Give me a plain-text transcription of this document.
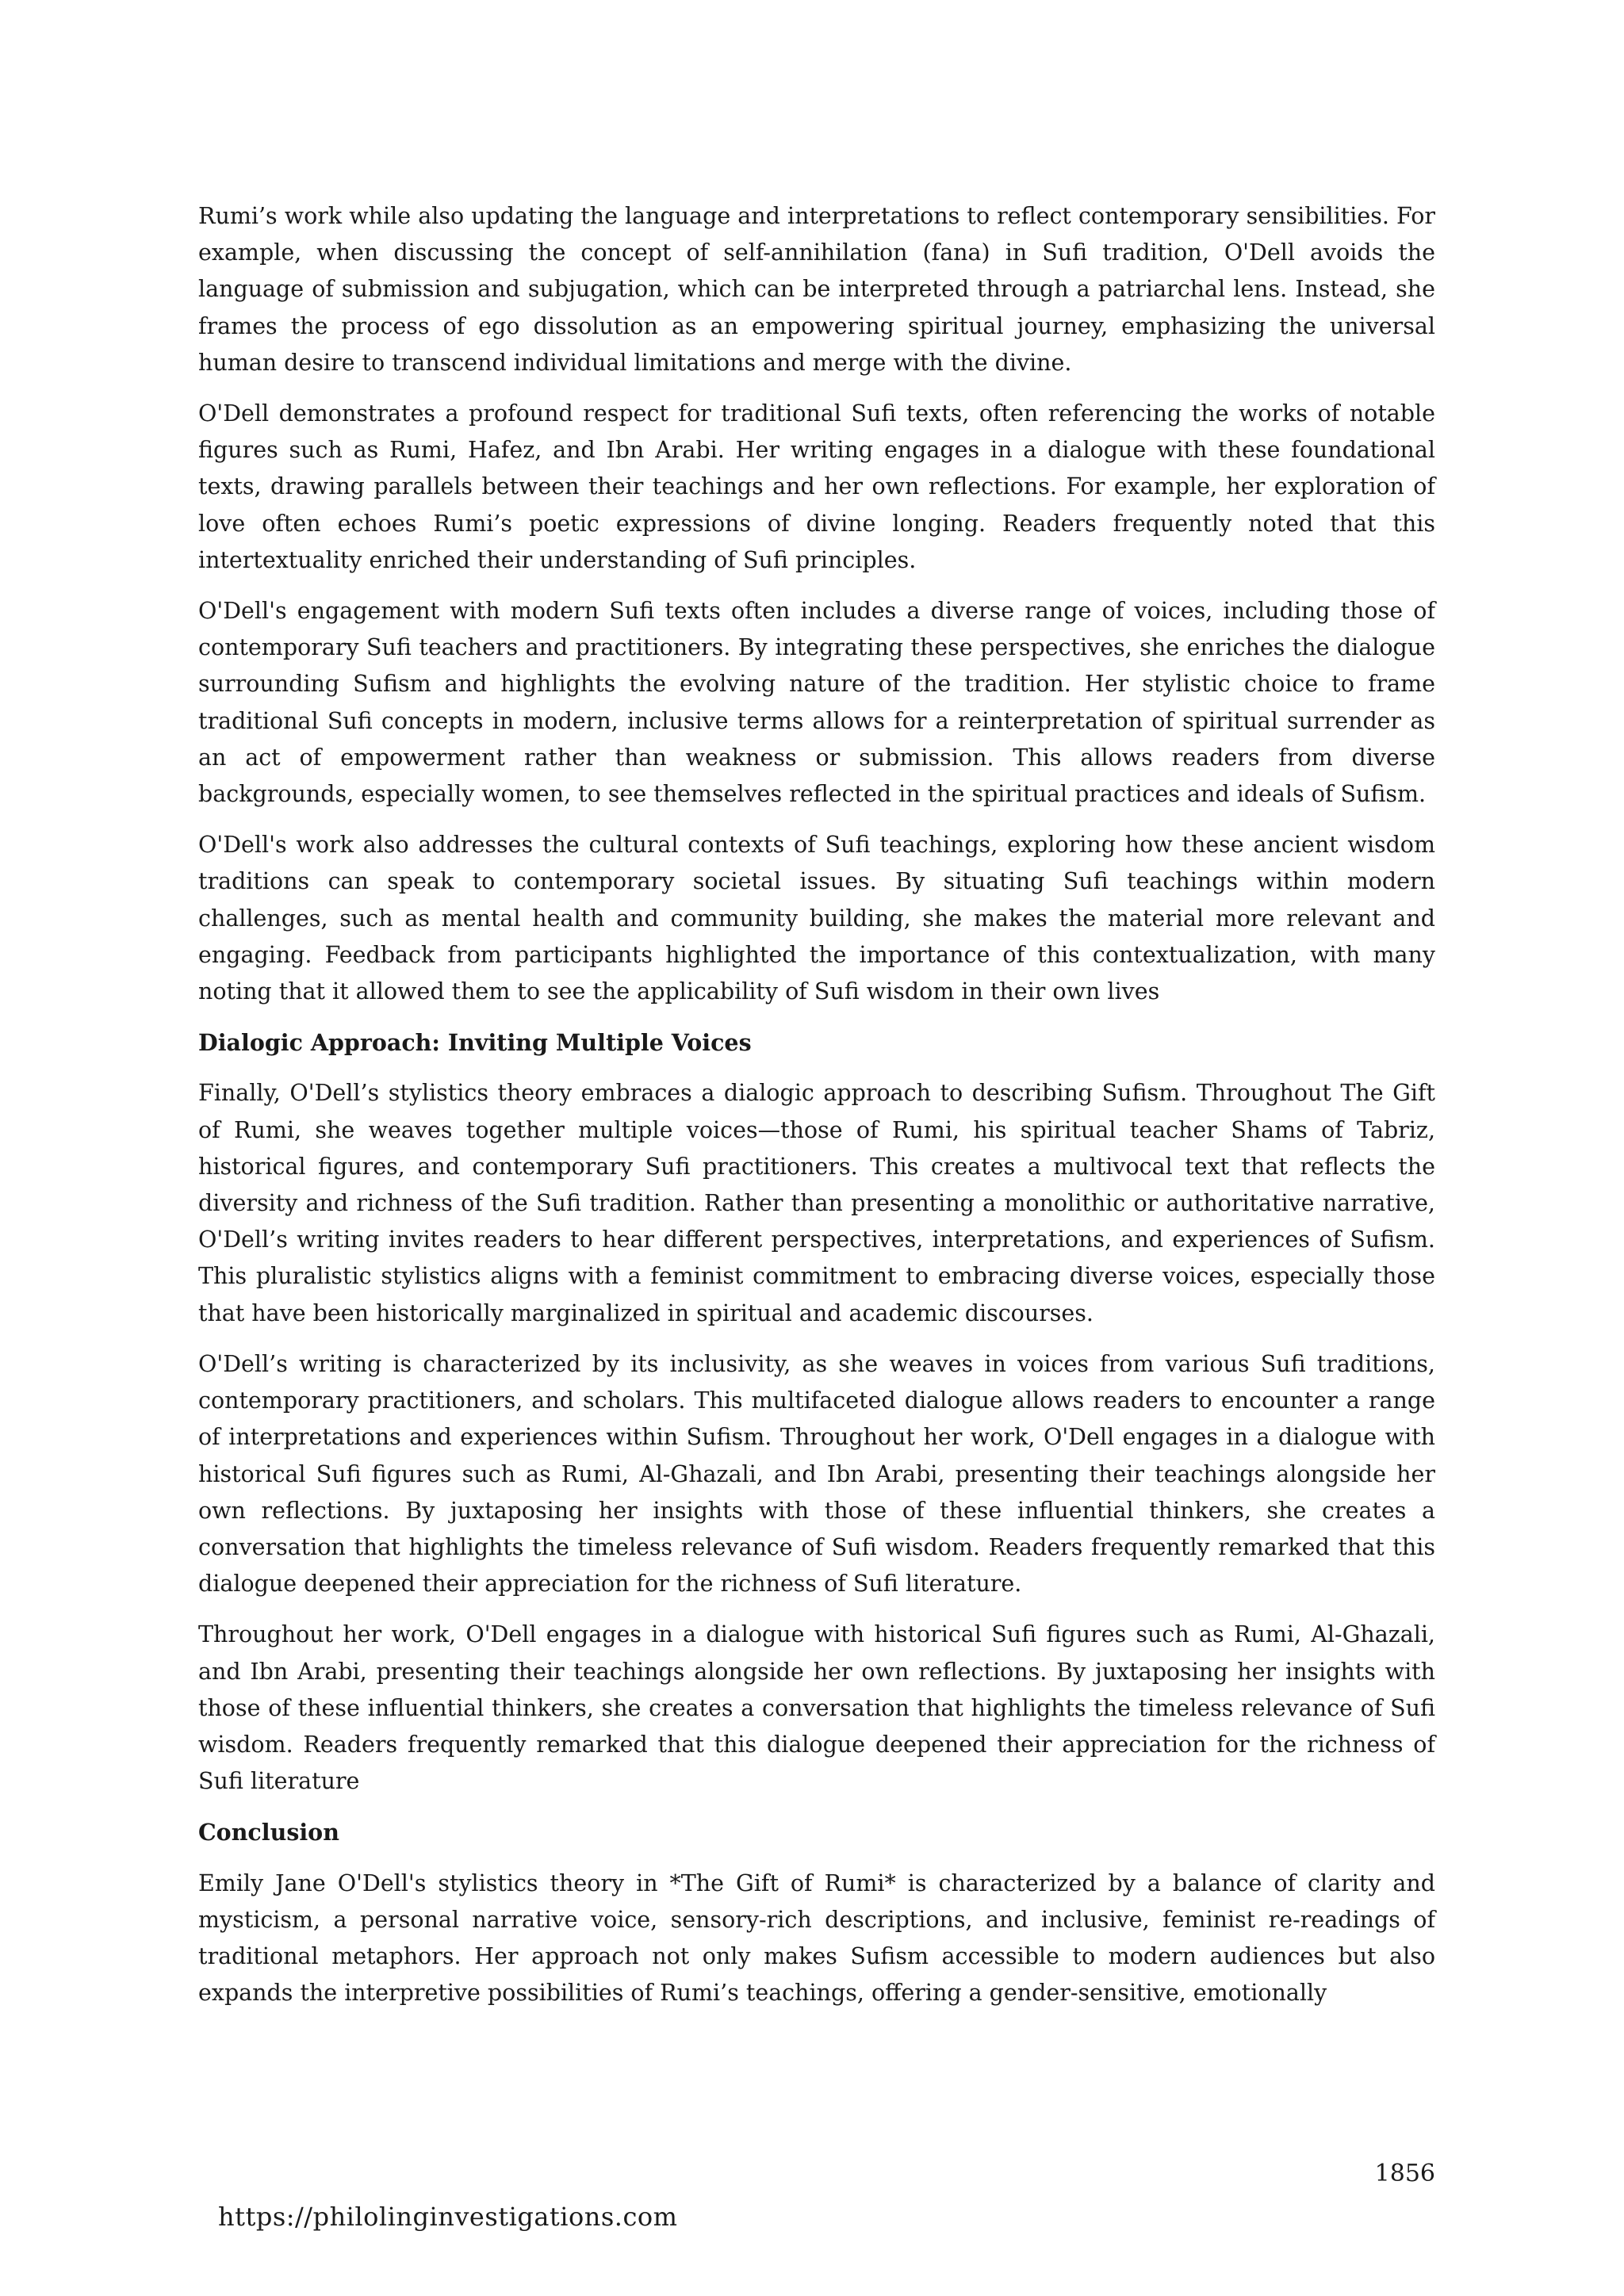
Rumi’s work while also updating the language and interpretations to reflect contemporary sensibilities. For example, when discussing the concept of self-annihilation (fana) in Sufi tradition, O'Dell avoids the language of submission and subjugation, which can be interpreted through a patriarchal lens. Instead, she frames the process of ego dissolution as an empowering spiritual journey, emphasizing the universal human desire to transcend individual limitations and merge with the divine.

O'Dell demonstrates a profound respect for traditional Sufi texts, often referencing the works of notable figures such as Rumi, Hafez, and Ibn Arabi. Her writing engages in a dialogue with these foundational texts, drawing parallels between their teachings and her own reflections. For example, her exploration of love often echoes Rumi’s poetic expressions of divine longing. Readers frequently noted that this intertextuality enriched their understanding of Sufi principles.

O'Dell's engagement with modern Sufi texts often includes a diverse range of voices, including those of contemporary Sufi teachers and practitioners. By integrating these perspectives, she enriches the dialogue surrounding Sufism and highlights the evolving nature of the tradition. Her stylistic choice to frame traditional Sufi concepts in modern, inclusive terms allows for a reinterpretation of spiritual surrender as an act of empowerment rather than weakness or submission. This allows readers from diverse backgrounds, especially women, to see themselves reflected in the spiritual practices and ideals of Sufism.

O'Dell's work also addresses the cultural contexts of Sufi teachings, exploring how these ancient wisdom traditions can speak to contemporary societal issues. By situating Sufi teachings within modern challenges, such as mental health and community building, she makes the material more relevant and engaging. Feedback from participants highlighted the importance of this contextualization, with many noting that it allowed them to see the applicability of Sufi wisdom in their own lives

Dialogic Approach: Inviting Multiple Voices

Finally, O'Dell’s stylistics theory embraces a dialogic approach to describing Sufism. Throughout The Gift of Rumi, she weaves together multiple voices—those of Rumi, his spiritual teacher Shams of Tabriz, historical figures, and contemporary Sufi practitioners. This creates a multivocal text that reflects the diversity and richness of the Sufi tradition. Rather than presenting a monolithic or authoritative narrative, O'Dell’s writing invites readers to hear different perspectives, interpretations, and experiences of Sufism. This pluralistic stylistics aligns with a feminist commitment to embracing diverse voices, especially those that have been historically marginalized in spiritual and academic discourses.

O'Dell’s writing is characterized by its inclusivity, as she weaves in voices from various Sufi traditions, contemporary practitioners, and scholars. This multifaceted dialogue allows readers to encounter a range of interpretations and experiences within Sufism. Throughout her work, O'Dell engages in a dialogue with historical Sufi figures such as Rumi, Al-Ghazali, and Ibn Arabi, presenting their teachings alongside her own reflections. By juxtaposing her insights with those of these influential thinkers, she creates a conversation that highlights the timeless relevance of Sufi wisdom. Readers frequently remarked that this dialogue deepened their appreciation for the richness of Sufi literature.

Throughout her work, O'Dell engages in a dialogue with historical Sufi figures such as Rumi, Al-Ghazali, and Ibn Arabi, presenting their teachings alongside her own reflections. By juxtaposing her insights with those of these influential thinkers, she creates a conversation that highlights the timeless relevance of Sufi wisdom. Readers frequently remarked that this dialogue deepened their appreciation for the richness of Sufi literature

Conclusion

Emily Jane O'Dell's stylistics theory in *The Gift of Rumi* is characterized by a balance of clarity and mysticism, a personal narrative voice, sensory-rich descriptions, and inclusive, feminist re-readings of traditional metaphors. Her approach not only makes Sufism accessible to modern audiences but also expands the interpretive possibilities of Rumi’s teachings, offering a gender-sensitive, emotionally

1856
https://philolinginvestigations.com
